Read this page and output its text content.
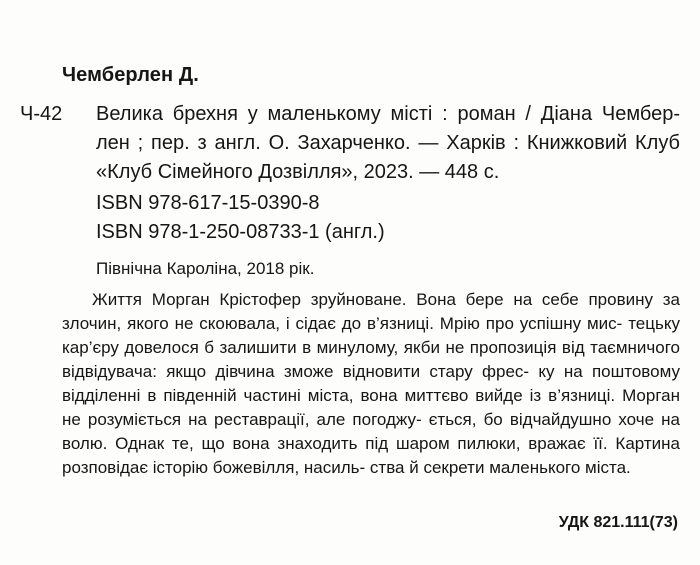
Чемберлен Д.
Ч-42 Велика брехня у маленькому місті : роман / Діана Чембер- лен ; пер. з англ. О. Захарченко. — Харків : Книжковий Клуб «Клуб Сімейного Дозвілля», 2023. — 448 с.
ISBN 978-617-15-0390-8
ISBN 978-1-250-08733-1 (англ.)
Північна Кароліна, 2018 рік.
Життя Морган Крістофер зруйноване. Вона бере на себе провину за злочин, якого не скоювала, і сідає до в’язниці. Мрію про успішну мис- тецьку кар’єру довелося б залишити в минулому, якби не пропозиція від таємничого відвідувача: якщо дівчина зможе відновити стару фрес- ку на поштовому відділенні в південній частині міста, вона миттєво вийде із в’язниці. Морган не розуміється на реставрації, але погоджу- ється, бо відчайдушно хоче на волю. Однак те, що вона знаходить під шаром пилюки, вражає її. Картина розповідає історію божевілля, насиль- ства й секрети маленького міста.
УДК 821.111(73)
